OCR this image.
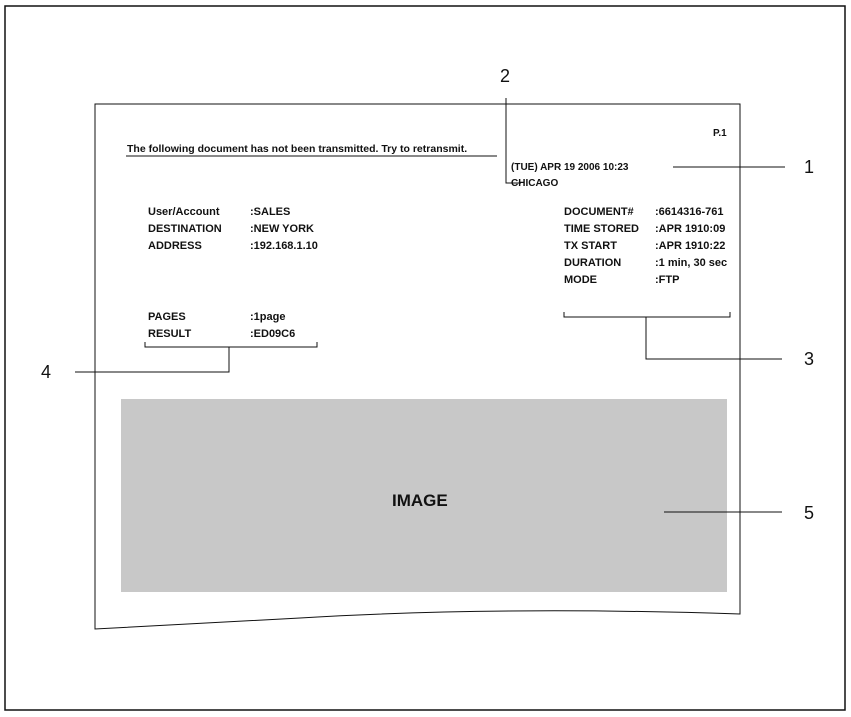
P.1
The following document has not been transmitted. Try to retransmit.
(TUE) APR 19 2006 10:23
CHICAGO
User/Account	:SALES
DESTINATION	:NEW YORK
ADDRESS	:192.168.1.10
DOCUMENT# :6614316-761
TIME STORED :APR 1910:09
TX START	:APR 1910:22
DURATION	:1 min, 30 sec
MODE	:FTP
PAGES	:1page
RESULT	:ED09C6
IMAGE
1
2
3
4
5
